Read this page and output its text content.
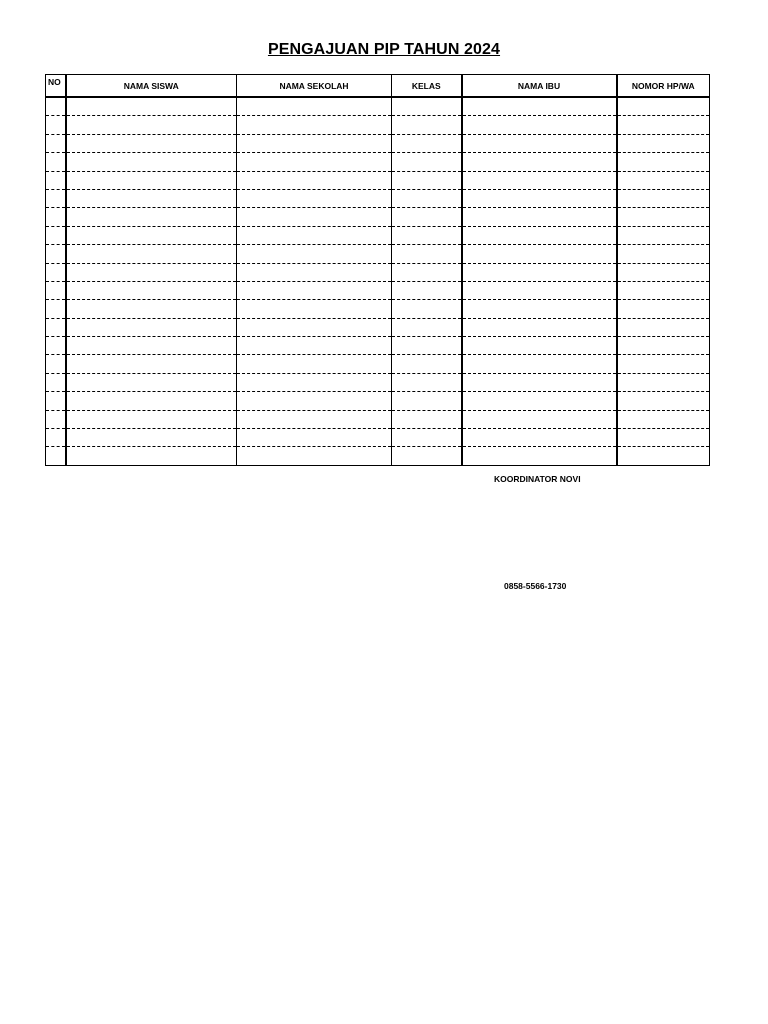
PENGAJUAN PIP TAHUN 2024
NO	NAMA SISWA	NAMA SEKOLAH	KELAS	NAMA IBU	NOMOR HP/WA

KOORDINATOR NOVI
0858-5566-1730
